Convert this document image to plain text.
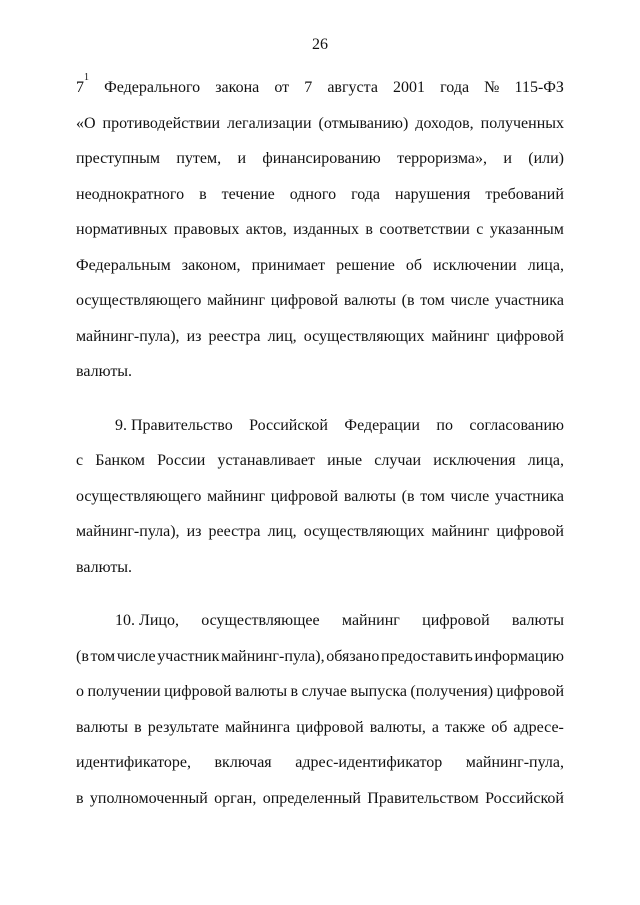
26
$7^1$
Федерального закона от 7 августа 2001 года № 115-ФЗ
«О противодействии легализации (отмыванию) доходов, полученных
преступным путем, и финансированию терроризма», и (или)
неоднократного в течение одного года нарушения требований
нормативных правовых актов, изданных в соответствии с указанным
Федеральным законом, принимает решение об исключении лица,
осуществляющего майнинг цифровой валюты (в том числе участника
майнинг-пула), из реестра лиц, осуществляющих майнинг цифровой
валюты.
9. Правительство Российской Федерации по согласованию
с Банком России устанавливает иные случаи исключения лица,
осуществляющего майнинг цифровой валюты (в том числе участника
майнинг-пула), из реестра лиц, осуществляющих майнинг цифровой
валюты.
10. Лицо, осуществляющее майнинг цифровой валюты
(в том числе участник майнинг-пула), обязано предоставить информацию
о получении цифровой валюты в случае выпуска (получения) цифровой
валюты в результате майнинга цифровой валюты, а также об адресе-
идентификаторе, включая адрес-идентификатор майнинг-пула,
в уполномоченный орган, определенный Правительством Российской
